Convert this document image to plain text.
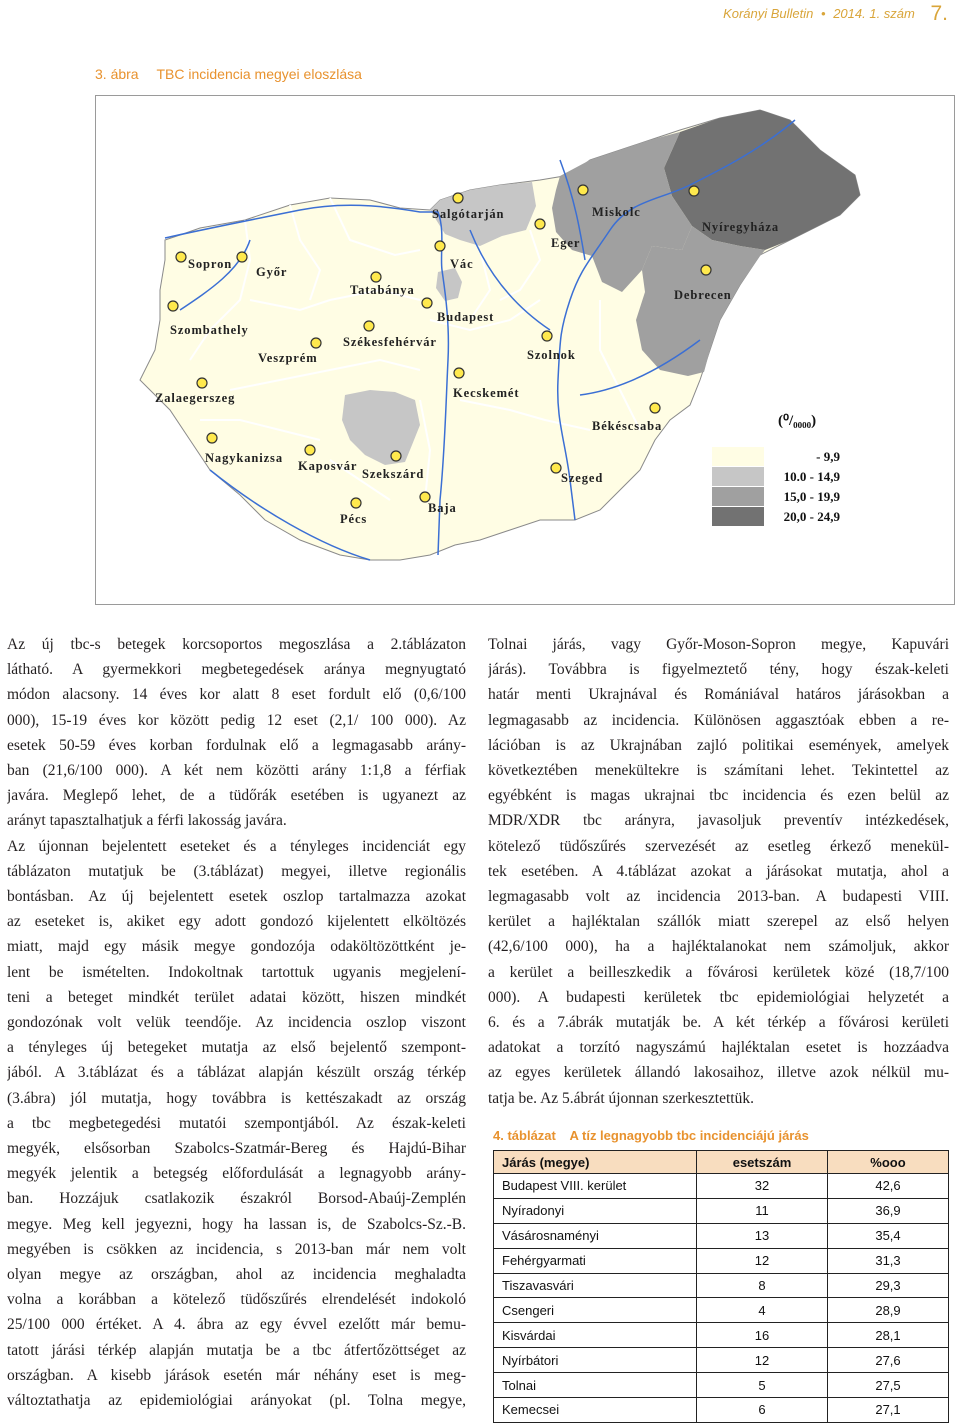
Korányi Bulletin • 2014. 1. szám 7.
3. ábra TBC incidencia megyei eloszlása
Sopron
Győr
Tatabánya
Salgótarján
Vác
Miskolc
Nyíregyháza
Eger
Debrecen
Budapest
Szombathely
Székesfehérvár
Veszprém	Szolnok
Zalaegerszeg	Kecskemét
Békéscsaba
Nagykanizsa
Kaposvár
Szekszárd	Szeged
Baja
Pécs
(⁰/₀₀₀₀)
- 9,9
10.0 - 14,9
15,0 - 19,9
20,0 - 24,9
Az új tbc-s betegek korcsoportos megoszlása a 2.táblázaton
látható. A gyermekkori megbetegedések aránya megnyugtató
módon alacsony. 14 éves kor alatt 8 eset fordult elő (0,6/100
000), 15-19 éves kor között pedig 12 eset (2,1/ 100 000). Az
esetek 50-59 éves korban fordulnak elő a legmagasabb arány-
ban (21,6/100 000). A két nem közötti arány 1:1,8 a férfiak
javára. Meglepő lehet, de a tüdőrák esetében is ugyanezt az
arányt tapasztalhatjuk a férfi lakosság javára.
Az újonnan bejelentett eseteket és a tényleges incidenciát egy
táblázaton mutatjuk be (3.táblázat) megyei, illetve regionális
bontásban. Az új bejelentett esetek oszlop tartalmazza azokat
az eseteket is, akiket egy adott gondozó kijelentett elköltözés
miatt, majd egy másik megye gondozója odaköltözöttként je-
lent be ismételten. Indokoltnak tartottuk ugyanis megjelení-
teni a beteget mindkét terület adatai között, hiszen mindkét
gondozónak volt velük teendője. Az incidencia oszlop viszont
a tényleges új betegeket mutatja az első bejelentő szempont-
jából. A 3.táblázat és a táblázat alapján készült ország térkép
(3.ábra) jól mutatja, hogy továbbra is kettészakadt az ország
a tbc megbetegedési mutatói szempontjából. Az észak-keleti
megyék, elsősorban Szabolcs-Szatmár-Bereg és Hajdú-Bihar
megyék jelentik a betegség előfordulását a legnagyobb arány-
ban. Hozzájuk csatlakozik északról Borsod-Abaúj-Zemplén
megye. Meg kell jegyezni, hogy ha lassan is, de Szabolcs-Sz.-B.
megyében is csökken az incidencia, s 2013-ban már nem volt
olyan megye az országban, ahol az incidencia meghaladta
volna a korábban a kötelező tüdőszűrés elrendelését indokoló
25/100 000 értéket. A 4. ábra az egy évvel ezelőtt már bemu-
tatott járási térkép alapján mutatja be a tbc átfertőzöttséget az
országban. A kisebb járások esetén már néhány eset is meg-
változtathatja az epidemiológiai arányokat (pl. Tolna megye,
Tolnai járás, vagy Győr-Moson-Sopron megye, Kapuvári
járás). Továbbra is figyelmeztető tény, hogy észak-keleti
határ menti Ukrajnával és Romániával határos járásokban a
legmagasabb az incidencia. Különösen aggasztóak ebben a re-
lációban is az Ukrajnában zajló politikai események, amelyek
következtében menekültekre is számítani lehet. Tekintettel az
egyébként is magas ukrajnai tbc incidencia és ezen belül az
MDR/XDR tbc arányra, javasoljuk preventív intézkedések,
kötelező tüdőszűrés szervezését az esetleg érkező menekül-
tek esetében. A 4.táblázat azokat a járásokat mutatja, ahol a
legmagasabb volt az incidencia 2013-ban. A budapesti VIII.
kerület a hajléktalan szállók miatt szerepel az első helyen
(42,6/100 000), ha a hajléktalanokat nem számoljuk, akkor
a kerület a beilleszkedik a fővárosi kerületek közé (18,7/100
000). A budapesti kerületek tbc epidemiológiai helyzetét a
6. és a 7.ábrák mutatják be. A két térkép a fővárosi kerületi
adatokat a torzító nagyszámú hajléktalan esetet is hozzáadva
az egyes kerületek állandó lakosaihoz, illetve azok nélkül mu-
tatja be. Az 5.ábrát újonnan szerkesztettük.
4. táblázat A tíz legnagyobb tbc incidenciájú járás
Járás (megye)	esetszám	%ooo
Budapest VIII. kerület	32	42,6
Nyíradonyi	11	36,9
Vásárosnaményi	13	35,4
Fehérgyarmati	12	31,3
Tiszavasvári	8	29,3
Csengeri	4	28,9
Kisvárdai	16	28,1
Nyírbátori	12	27,6
Tolnai	5	27,5
Kemecsei	6	27,1
